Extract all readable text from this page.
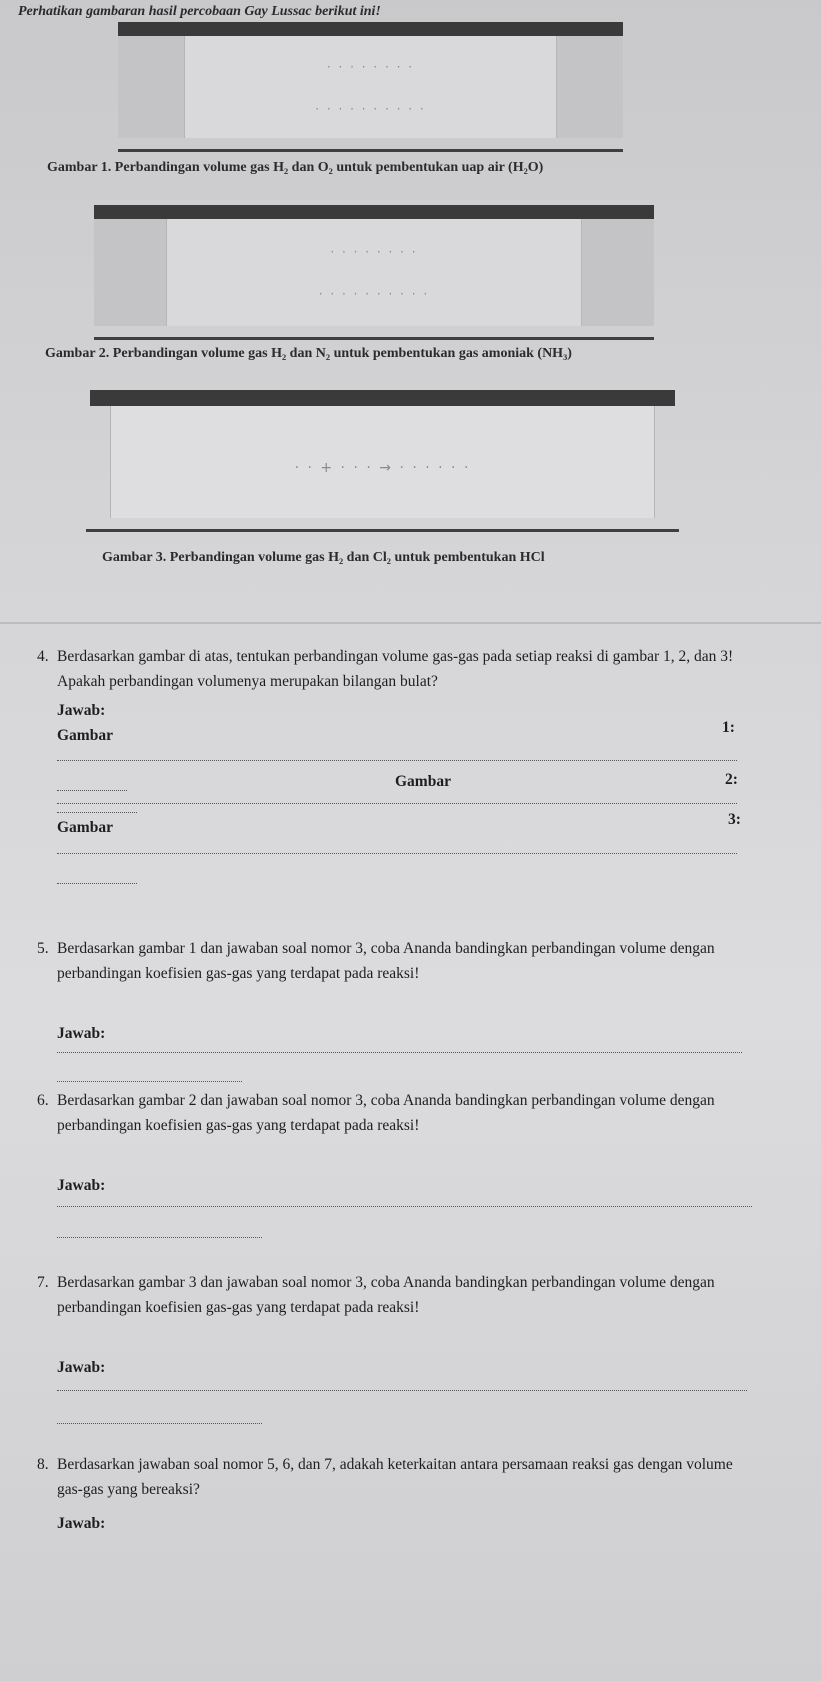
Perhatikan gambaran hasil percobaan Gay Lussac berikut ini!
· · · · · · · ·
· · · · · · · · · ·
Gambar 1. Perbandingan volume gas H₂ dan O₂ untuk pembentukan uap air (H₂O)
· · · · · · · ·
· · · · · · · · · ·
Gambar 2. Perbandingan volume gas H₂ dan N₂ untuk pembentukan gas amoniak (NH₃)
· · + · · · → · · · · · ·
Gambar 3. Perbandingan volume gas H₂ dan Cl₂ untuk pembentukan HCl
4. Berdasarkan gambar di atas, tentukan perbandingan volume gas-gas pada setiap reaksi di gambar 1, 2, dan 3! Apakah perbandingan volumenya merupakan bilangan bulat?
Jawab:
Gambar	1:
Gambar	2:
Gambar	3:
5. Berdasarkan gambar 1 dan jawaban soal nomor 3, coba Ananda bandingkan perbandingan volume dengan perbandingan koefisien gas-gas yang terdapat pada reaksi!
Jawab:
6. Berdasarkan gambar 2 dan jawaban soal nomor 3, coba Ananda bandingkan perbandingan volume dengan perbandingan koefisien gas-gas yang terdapat pada reaksi!
Jawab:
7. Berdasarkan gambar 3 dan jawaban soal nomor 3, coba Ananda bandingkan perbandingan volume dengan perbandingan koefisien gas-gas yang terdapat pada reaksi!
Jawab:
8. Berdasarkan jawaban soal nomor 5, 6, dan 7, adakah keterkaitan antara persamaan reaksi gas dengan volume gas-gas yang bereaksi?
Jawab:
